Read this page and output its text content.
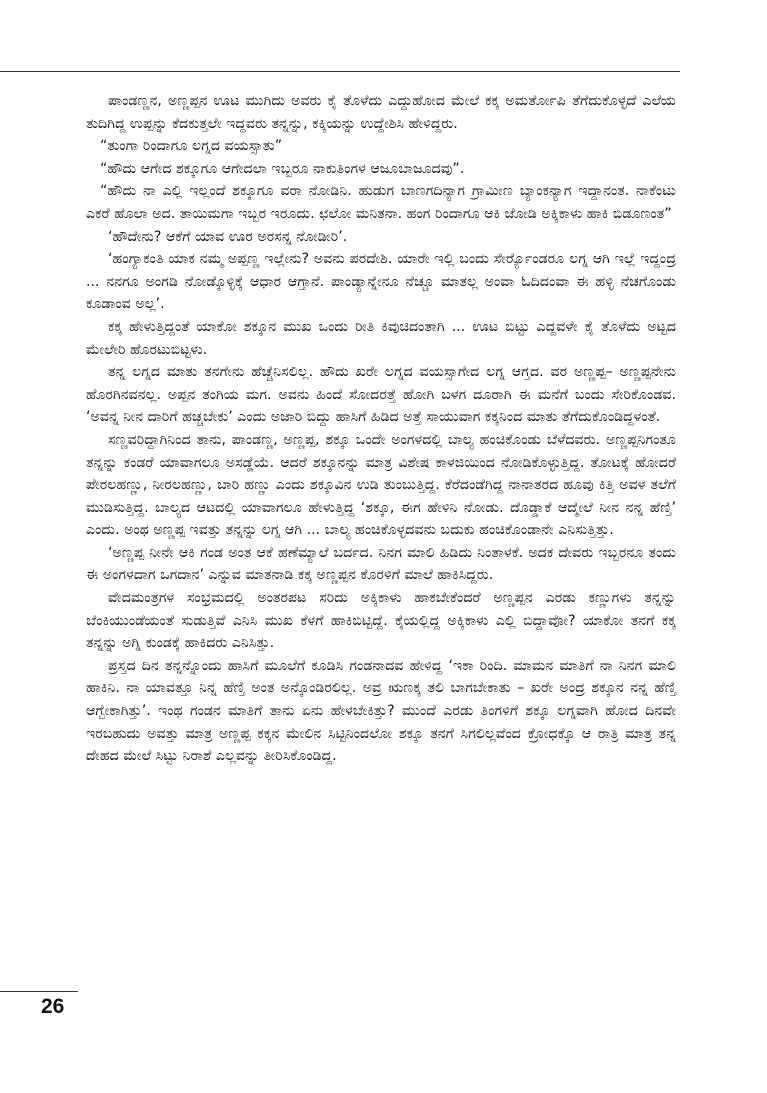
ಪಾಂಡಣ್ಣನ, ಅಣ್ಣಪ್ಪನ ಊಟ ಮುಗಿದು ಅವರು ಕೈ ತೊಳೆದು ಎದ್ದುಹೋದ ಮೇಲೆ ಕಕ್ಕ ಅಮರ್ತೋಪಿ ತೆಗೆದುಕೊಳ್ಳದೆ ಎಲೆಯ ತುದಿಗಿದ್ದ ಉಪ್ಪನ್ನು ಕೆದಕುತ್ತಲೇ ಇದ್ದವರು ತನ್ನನ್ನು, ಕಕ್ಕಿಯನ್ನು ಉದ್ದೇಶಿಸಿ ಹೇಳಿದ್ದರು.

“ತುಂಗಾ ರಿಂದಾಗೂ ಲಗ್ನದ ವಯಸ್ಸಾತು”

“ಹೌದು ಆಗೇದ ಶಕ್ಕೂಗೂ ಆಗೇದಲಾ ಇಬ್ಬರೂ ನಾಕುತಿಂಗಳ ಆಜೂಬಾಜೂದವು”.

“ಹೌದು ನಾ ಎಲ್ಲಿ ಇಲ್ಲಂದೆ ಶಕ್ಕೂಗೂ ವರಾ ನೋಡಿನಿ. ಹುಡುಗ ಬಾಣಗದಿನ್ಯಾಗ ಗ್ರಾಮೀಣ ಬ್ಯಾಂಕನ್ಯಾಗ ಇದ್ದಾನಂತ. ನಾಕೆಂಟು ಎಕರೆ ಹೊಲಾ ಅದ. ತಾಯಿಮಗಾ ಇಬ್ಬರ ಇರೂದು. ಛಲೋ ಮನಿತನಾ. ಹಂಗ ರಿಂದಾಗೂ ಆಕಿ ಜೋಡಿ ಅಕ್ಕಿಕಾಳು ಹಾಕಿ ಬಿಡೂಣಂತ”

‘ಹೌದೇನು? ಆಕೆಗೆ ಯಾವ ಊರ ಅರಸನ್ನ ನೋಡೀರಿ’.

‘ಹಂಗ್ಯಾಕಂತಿ ಯಾಕ ನಮ್ಮ ಅಪ್ಪಣ್ಣ ಇಲ್ಲೇನು? ಅವನು ಪರದೇಶಿ. ಯಾರೇ ಇಲ್ಲಿ ಬಂದು ಸೇರ್ರ್ಯೊಂಡರೂ ಲಗ್ನ ಆಗಿ ಇಲ್ಲೆ ಇದ್ದಂದ್ರ ... ನನಗೂ ಅಂಗಡಿ ನೋಡ್ಕೊಳ್ಳಿಕ್ಕೆ ಆಧಾರ ಆಗ್ತಾನೆ. ಪಾಂಡ್ಯಾನ್ನೇನೂ ನೆಚ್ಚೂ ಮಾತಲ್ಲ ಅಂವಾ ಓದಿದಂವಾ ಈ ಹಳ್ಳಿ ನೆಚಗೊಂಡು ಕೂಡಾಂವ ಅಲ್ಲ’.

ಕಕ್ಕ ಹೇಳುತ್ತಿದ್ದಂತೆ ಯಾಕೋ ಶಕ್ಕೂನ ಮುಖ ಒಂದು ರೀತಿ ಕಿವುಚಿದಂತಾಗಿ ... ಊಟ ಬಿಟ್ಟು ಎದ್ದವಳೇ ಕೈ ತೊಳೆದು ಅಟ್ಟದ ಮೇಲೇರಿ ಹೊರಟುಬಿಟ್ಟಳು.

ತನ್ನ ಲಗ್ನದ ಮಾತು ತನಗೇನು ಹೆಚ್ಚೆನಿಸಲಿಲ್ಲ. ಹೌದು ಖರೇ ಲಗ್ನದ ವಯಸ್ಸಾಗೇದ ಲಗ್ನ ಆಗ್ತದ. ವರ ಅಣ್ಣಪ್ಪ– ಅಣ್ಣಪ್ಪನೇನು ಹೊರಗಿನವನಲ್ಲ. ಅಪ್ಪನ ತಂಗಿಯ ಮಗ. ಅವನು ಹಿಂದೆ ಸೋದರತ್ತೆ ಹೋಗಿ ಬಳಗ ದೂರಾಗಿ ಈ ಮನೆಗೆ ಬಂದು ಸೇರಿಕೊಂಡವ. ‘ಅವನ್ನ ನೀನ ದಾರಿಗೆ ಹಚ್ಚಬೇಕು’ ಎಂದು ಅಜಾರಿ ಬಿದ್ದು ಹಾಸಿಗೆ ಹಿಡಿದ ಅತ್ತೆ ಸಾಯುವಾಗ ಕಕ್ಕನಿಂದ ಮಾತು ತೆಗೆದುಕೊಂಡಿದ್ದಳಂತೆ.

ಸಣ್ಣವರಿದ್ದಾಗಿನಿಂದ ತಾನು, ಪಾಂಡಣ್ಣ, ಅಣ್ಣಪ್ಪ, ಶಕ್ಕೂ ಒಂದೇ ಅಂಗಳದಲ್ಲಿ ಬಾಲ್ಯ ಹಂಚಿಕೊಂಡು ಬೆಳೆದವರು. ಅಣ್ಣಪ್ಪನಿಗಂತೂ ತನ್ನನ್ನು ಕಂಡರೆ ಯಾವಾಗಲೂ ಅಸಡ್ಡೆಯೆ. ಆದರೆ ಶಕ್ಕೂನನ್ನು ಮಾತ್ರ ವಿಶೇಷ ಕಾಳಜಿಯಿಂದ ನೋಡಿಕೊಳ್ಳುತ್ತಿದ್ದ. ತೋಟಕ್ಕೆ ಹೋದರೆ ಪೇರಲಹಣ್ಣು, ನೀರಲಹಣ್ಣು, ಬಾರಿ ಹಣ್ಣು ಎಂದು ಶಕ್ಕೂವಿನ ಉಡಿ ತುಂಬುತ್ತಿದ್ದ. ಕೆರೆದಂಡೆಗಿದ್ದ ನಾನಾತರದ ಹೂವು ಕಿತ್ತಿ ಅವಳ ತಲೆಗೆ ಮುಡಿಸುತ್ತಿದ್ದ. ಬಾಲ್ಯದ ಆಟದಲ್ಲಿ ಯಾವಾಗಲೂ ಹೇಳುತ್ತಿದ್ದ ‘ಶಕ್ಕೂ, ಈಗ ಹೇಳಿನಿ ನೋಡು. ದೊಡ್ಡಾಕೆ ಆದ್ಮೇಲೆ ನೀನ ನನ್ನ ಹೆಣ್ತಿ’ ಎಂದು. ಅಂಥ ಅಣ್ಣಪ್ಪ ಇವತ್ತು ತನ್ನನ್ನು ಲಗ್ನ ಆಗಿ ... ಬಾಲ್ಯ ಹಂಚಿಕೊಳ್ಳದವನು ಬದುಕು ಹಂಚಿಕೊಂಡಾನೇ ಎನಿಸುತ್ತಿತ್ತು.

‘ಅಣ್ಣಪ್ಪ ನೀನೇ ಆಕಿ ಗಂಡ ಅಂತ ಆಕೆ ಹಣೆಮ್ಯಾಲೆ ಬರ್ದದ. ನಿನಗ ಮಾಲಿ ಹಿಡಿದು ನಿಂತಾಳಕೆ. ಅದಕ ದೇವರು ಇಬ್ಬರನೂ ತಂದು ಈ ಅಂಗಳದಾಗ ಒಗದಾನ’ ಎನ್ನುವ ಮಾತನಾಡಿ ಕಕ್ಕ ಅಣ್ಣಪ್ಪನ ಕೊರಳಿಗೆ ಮಾಲೆ ಹಾಕಿಸಿದ್ದರು.

ವೇದಮಂತ್ರಗಳ ಸಂಭ್ರಮದಲ್ಲಿ ಅಂತರಪಟ ಸರಿದು ಅಕ್ಕಿಕಾಳು ಹಾಕಬೇಕೆಂದರೆ ಅಣ್ಣಪ್ಪನ ಎರಡು ಕಣ್ಣುಗಳು ತನ್ನನ್ನು ಬೆಂಕಿಯುಂಡೆಯಂತೆ ಸುಡುತ್ತಿವೆ ಎನಿಸಿ ಮುಖ ಕೆಳಗೆ ಹಾಕಿಬಿಟ್ಟಿದ್ದೆ. ಕೈಯಲ್ಲಿದ್ದ ಅಕ್ಕಿಕಾಳು ಎಲ್ಲಿ ಬಿದ್ದಾವೋ? ಯಾಕೋ ತನಗೆ ಕಕ್ಕ ತನ್ನನ್ನು ಅಗ್ನಿ ಕುಂಡಕ್ಕೆ ಹಾಕಿದರು ಎನಿಸಿತ್ತು.

ಪ್ರಸ್ತದ ದಿನ ತನ್ನನ್ನೊಂದು ಹಾಸಿಗೆ ಮೂಲೆಗೆ ಕೂಡಿಸಿ ಗಂಡನಾದವ ಹೇಳಿದ್ದ ‘ಇಕಾ ರಿಂದಿ. ಮಾಮನ ಮಾತಿಗೆ ನಾ ನಿನಗ ಮಾಲಿ ಹಾಕಿನಿ. ನಾ ಯಾವತ್ತೂ ನಿನ್ನ ಹೆಣ್ತಿ ಅಂತ ಅನ್ಕೊಂಡಿರಲಿಲ್ಲ. ಅವ್ರ ಋಣಕ್ಕ ತಲಿ ಬಾಗಬೇಕಾತು – ಖರೇ ಅಂದ್ರ ಶಕ್ಕೂನ ನನ್ನ ಹೆಣ್ತಿ ಆಗ್ಬೇಕಾಗಿತ್ತು’. ಇಂಥ ಗಂಡನ ಮಾತಿಗೆ ತಾನು ಏನು ಹೇಳಬೇಕಿತ್ತು? ಮುಂದೆ ಎರಡು ತಿಂಗಳಿಗೆ ಶಕ್ಕೂ ಲಗ್ನವಾಗಿ ಹೋದ ದಿನವೇ ಇರಬಹುದು ಅವತ್ತು ಮಾತ್ರ ಅಣ್ಣಪ್ಪ ಕಕ್ಕನ ಮೇಲಿನ ಸಿಟ್ಟಿನಿಂದಲೋ ಶಕ್ಕೂ ತನಗೆ ಸಿಗಲಿಲ್ಲವೆಂದ ಕ್ರೋಧಕ್ಕೊ ಆ ರಾತ್ರಿ ಮಾತ್ರ ತನ್ನ ದೇಹದ ಮೇಲೆ ಸಿಟ್ಟು ನಿರಾಶೆ ಎಲ್ಲವನ್ನು ತೀರಿಸಿಕೊಂಡಿದ್ದ.

26
